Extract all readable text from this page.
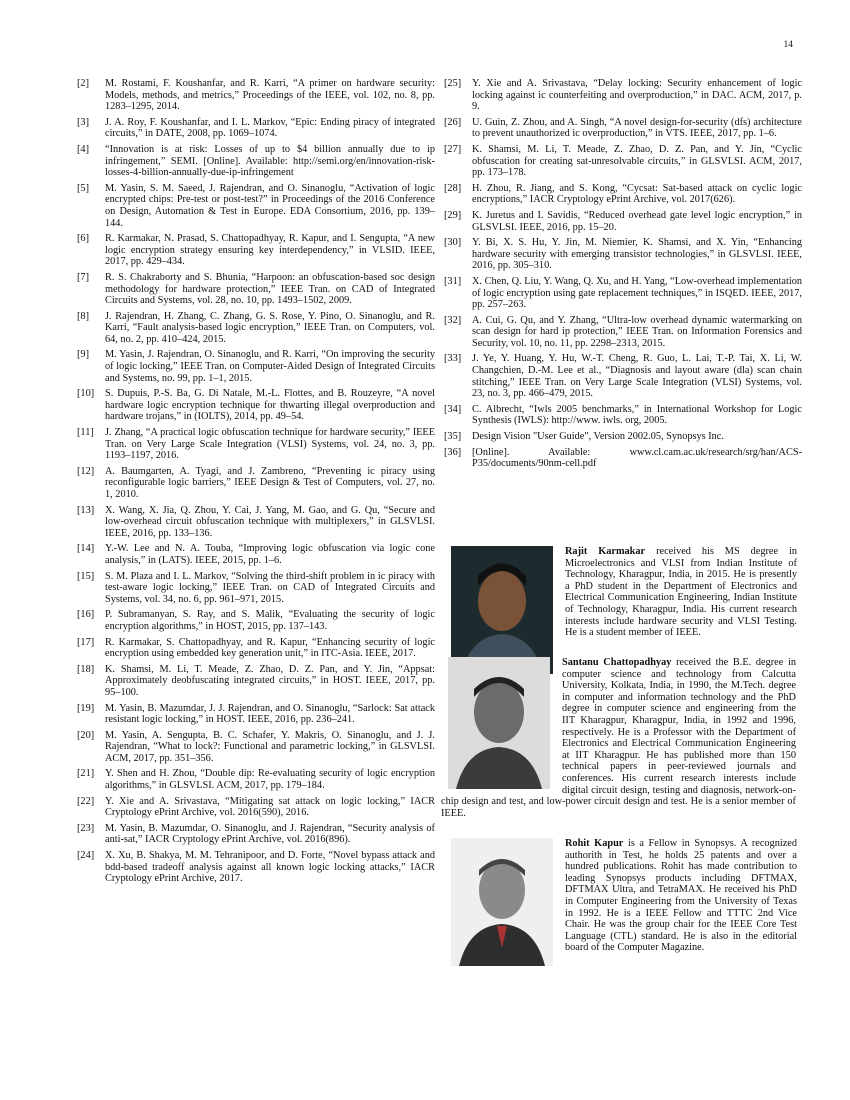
14
[2]	M. Rostami, F. Koushanfar, and R. Karri, “A primer on hardware security: Models, methods, and metrics,” Proceedings of the IEEE, vol. 102, no. 8, pp. 1283–1295, 2014.
[3]	J. A. Roy, F. Koushanfar, and I. L. Markov, “Epic: Ending piracy of integrated circuits,” in DATE, 2008, pp. 1069–1074.
[4]	“Innovation is at risk: Losses of up to $4 billion annually due to ip infringement,” SEMI. [Online]. Available: http://semi.org/en/innovation-risk-losses-4-billion-annually-due-ip-infringement
[5]	M. Yasin, S. M. Saeed, J. Rajendran, and O. Sinanoglu, “Activation of logic encrypted chips: Pre-test or post-test?” in Proceedings of the 2016 Conference on Design, Automation & Test in Europe. EDA Consortium, 2016, pp. 139–144.
[6]	R. Karmakar, N. Prasad, S. Chattopadhyay, R. Kapur, and I. Sengupta, “A new logic encryption strategy ensuring key interdependency,” in VLSID. IEEE, 2017, pp. 429–434.
[7]	R. S. Chakraborty and S. Bhunia, “Harpoon: an obfuscation-based soc design methodology for hardware protection,” IEEE Tran. on CAD of Integrated Circuits and Systems, vol. 28, no. 10, pp. 1493–1502, 2009.
[8]	J. Rajendran, H. Zhang, C. Zhang, G. S. Rose, Y. Pino, O. Sinanoglu, and R. Karri, “Fault analysis-based logic encryption,” IEEE Tran. on Computers, vol. 64, no. 2, pp. 410–424, 2015.
[9]	M. Yasin, J. Rajendran, O. Sinanoglu, and R. Karri, “On improving the security of logic locking,” IEEE Tran. on Computer-Aided Design of Integrated Circuits and Systems, no. 99, pp. 1–1, 2015.
[10]	S. Dupuis, P.-S. Ba, G. Di Natale, M.-L. Flottes, and B. Rouzeyre, “A novel hardware logic encryption technique for thwarting illegal overproduction and hardware trojans,” in (IOLTS), 2014, pp. 49–54.
[11]	J. Zhang, “A practical logic obfuscation technique for hardware security,” IEEE Tran. on Very Large Scale Integration (VLSI) Systems, vol. 24, no. 3, pp. 1193–1197, 2016.
[12]	A. Baumgarten, A. Tyagi, and J. Zambreno, “Preventing ic piracy using reconfigurable logic barriers,” IEEE Design & Test of Computers, vol. 27, no. 1, 2010.
[13]	X. Wang, X. Jia, Q. Zhou, Y. Cai, J. Yang, M. Gao, and G. Qu, “Secure and low-overhead circuit obfuscation technique with multiplexers,” in GLSVLSI. IEEE, 2016, pp. 133–136.
[14]	Y.-W. Lee and N. A. Touba, “Improving logic obfuscation via logic cone analysis,” in (LATS). IEEE, 2015, pp. 1–6.
[15]	S. M. Plaza and I. L. Markov, “Solving the third-shift problem in ic piracy with test-aware logic locking,” IEEE Tran. on CAD of Integrated Circuits and Systems, vol. 34, no. 6, pp. 961–971, 2015.
[16]	P. Subramanyan, S. Ray, and S. Malik, “Evaluating the security of logic encryption algorithms,” in HOST, 2015, pp. 137–143.
[17]	R. Karmakar, S. Chattopadhyay, and R. Kapur, “Enhancing security of logic encryption using embedded key generation unit,” in ITC-Asia. IEEE, 2017.
[18]	K. Shamsi, M. Li, T. Meade, Z. Zhao, D. Z. Pan, and Y. Jin, “Appsat: Approximately deobfuscating integrated circuits,” in HOST. IEEE, 2017, pp. 95–100.
[19]	M. Yasin, B. Mazumdar, J. J. Rajendran, and O. Sinanoglu, “Sarlock: Sat attack resistant logic locking,” in HOST. IEEE, 2016, pp. 236–241.
[20]	M. Yasin, A. Sengupta, B. C. Schafer, Y. Makris, O. Sinanoglu, and J. J. Rajendran, “What to lock?: Functional and parametric locking,” in GLSVLSI. ACM, 2017, pp. 351–356.
[21]	Y. Shen and H. Zhou, “Double dip: Re-evaluating security of logic encryption algorithms,” in GLSVLSI. ACM, 2017, pp. 179–184.
[22]	Y. Xie and A. Srivastava, “Mitigating sat attack on logic locking,” IACR Cryptology ePrint Archive, vol. 2016(590), 2016.
[23]	M. Yasin, B. Mazumdar, O. Sinanoglu, and J. Rajendran, “Security analysis of anti-sat,” IACR Cryptology ePrint Archive, vol. 2016(896).
[24]	X. Xu, B. Shakya, M. M. Tehranipoor, and D. Forte, “Novel bypass attack and bdd-based tradeoff analysis against all known logic locking attacks,” IACR Cryptology ePrint Archive, 2017.
[25]	Y. Xie and A. Srivastava, “Delay locking: Security enhancement of logic locking against ic counterfeiting and overproduction,” in DAC. ACM, 2017, p. 9.
[26]	U. Guin, Z. Zhou, and A. Singh, “A novel design-for-security (dfs) architecture to prevent unauthorized ic overproduction,” in VTS. IEEE, 2017, pp. 1–6.
[27]	K. Shamsi, M. Li, T. Meade, Z. Zhao, D. Z. Pan, and Y. Jin, “Cyclic obfuscation for creating sat-unresolvable circuits,” in GLSVLSI. ACM, 2017, pp. 173–178.
[28]	H. Zhou, R. Jiang, and S. Kong, “Cycsat: Sat-based attack on cyclic logic encryptions,” IACR Cryptology ePrint Archive, vol. 2017(626).
[29]	K. Juretus and I. Savidis, “Reduced overhead gate level logic encryption,” in GLSVLSI. IEEE, 2016, pp. 15–20.
[30]	Y. Bi, X. S. Hu, Y. Jin, M. Niemier, K. Shamsi, and X. Yin, “Enhancing hardware security with emerging transistor technologies,” in GLSVLSI. IEEE, 2016, pp. 305–310.
[31]	X. Chen, Q. Liu, Y. Wang, Q. Xu, and H. Yang, “Low-overhead implementation of logic encryption using gate replacement techniques,” in ISQED. IEEE, 2017, pp. 257–263.
[32]	A. Cui, G. Qu, and Y. Zhang, “Ultra-low overhead dynamic watermarking on scan design for hard ip protection,” IEEE Tran. on Information Forensics and Security, vol. 10, no. 11, pp. 2298–2313, 2015.
[33]	J. Ye, Y. Huang, Y. Hu, W.-T. Cheng, R. Guo, L. Lai, T.-P. Tai, X. Li, W. Changchien, D.-M. Lee et al., “Diagnosis and layout aware (dla) scan chain stitching,” IEEE Tran. on Very Large Scale Integration (VLSI) Systems, vol. 23, no. 3, pp. 466–479, 2015.
[34]	C. Albrecht, “Iwls 2005 benchmarks,” in International Workshop for Logic Synthesis (IWLS): http://www. iwls. org, 2005.
[35]	Design Vision "User Guide", Version 2002.05, Synopsys Inc.
[36]	[Online]. Available: www.cl.cam.ac.uk/research/srg/han/ACS-P35/documents/90nm-cell.pdf
Rajit Karmakar received his MS degree in Microelectronics and VLSI from Indian Institute of Technology, Kharagpur, India, in 2015. He is presently a PhD student in the Department of Electronics and Electrical Communication Engineering, Indian Institute of Technology, Kharagpur, India. His current research interests include hardware security and VLSI Testing. He is a student member of IEEE.
Santanu Chattopadhyay received the B.E. degree in computer science and technology from Calcutta University, Kolkata, India, in 1990, the M.Tech. degree in computer and information technology and the PhD degree in computer science and engineering from the IIT Kharagpur, Kharagpur, India, in 1992 and 1996, respectively. He is a Professor with the Department of Electronics and Electrical Communication Engineering at IIT Kharagpur. He has published more than 150 technical papers in peer-reviewed journals and conferences. His current research interests include digital circuit design, testing and diagnosis, network-on-chip design and test, and low-power circuit design and test. He is a senior member of IEEE.
Rohit Kapur is a Fellow in Synopsys. A recognized authorith in Test, he holds 25 patents and over a hundred publications. Rohit has made contribution to leading Synopsys products including DFTMAX, DFTMAX Ultra, and TetraMAX. He received his PhD in Computer Engineering from the University of Texas in 1992. He is a IEEE Fellow and TTTC 2nd Vice Chair. He was the group chair for the IEEE Core Test Language (CTL) standard. He is also in the editorial board of the Computer Magazine.
